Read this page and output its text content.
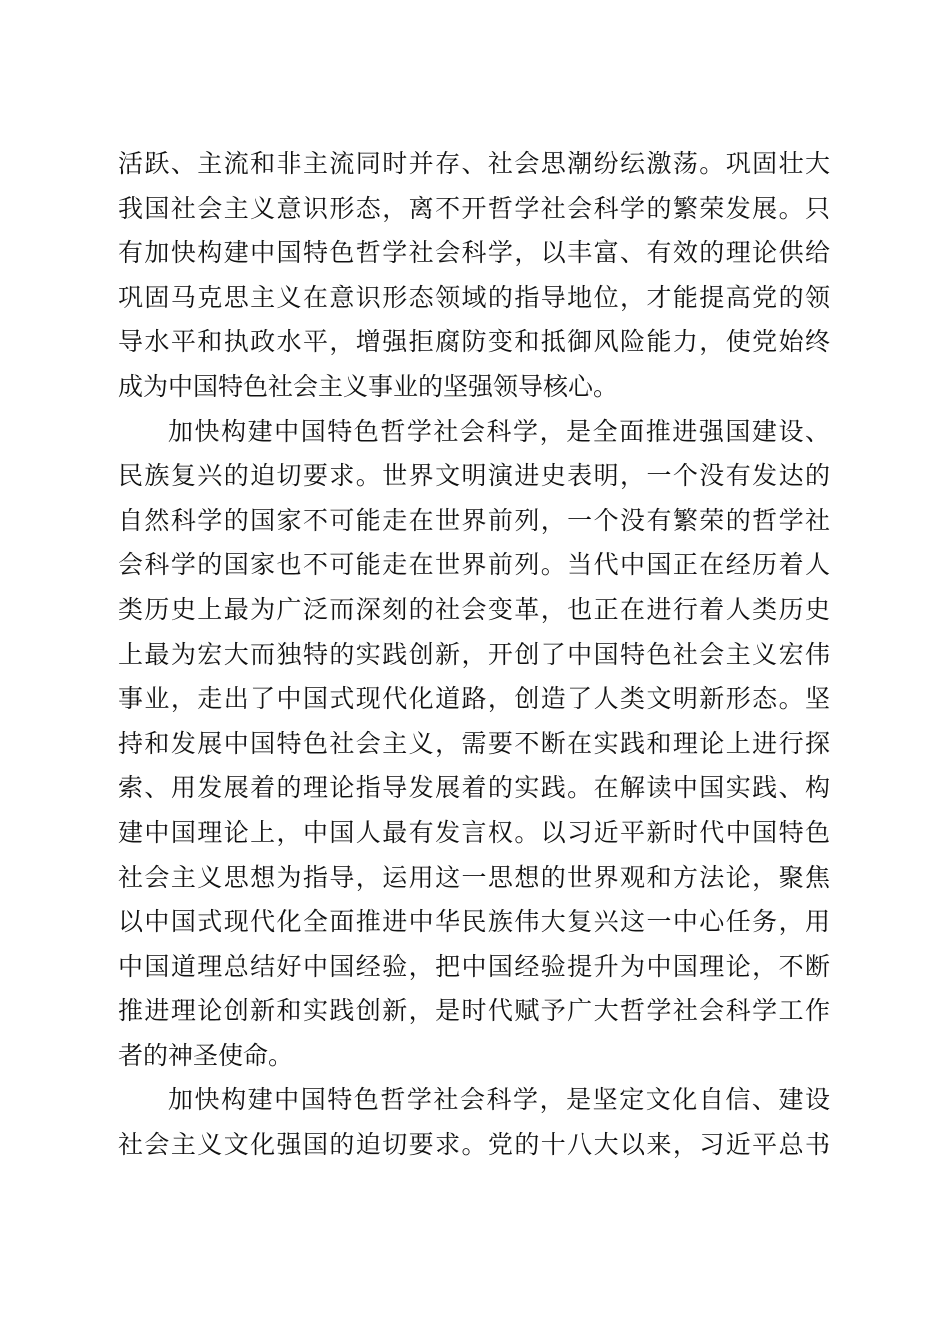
活跃、主流和非主流同时并存、社会思潮纷纭激荡。巩固壮大
我国社会主义意识形态，离不开哲学社会科学的繁荣发展。只
有加快构建中国特色哲学社会科学，以丰富、有效的理论供给
巩固马克思主义在意识形态领域的指导地位，才能提高党的领
导水平和执政水平，增强拒腐防变和抵御风险能力，使党始终
成为中国特色社会主义事业的坚强领导核心。
加快构建中国特色哲学社会科学，是全面推进强国建设、
民族复兴的迫切要求。世界文明演进史表明，一个没有发达的
自然科学的国家不可能走在世界前列，一个没有繁荣的哲学社
会科学的国家也不可能走在世界前列。当代中国正在经历着人
类历史上最为广泛而深刻的社会变革，也正在进行着人类历史
上最为宏大而独特的实践创新，开创了中国特色社会主义宏伟
事业，走出了中国式现代化道路，创造了人类文明新形态。坚
持和发展中国特色社会主义，需要不断在实践和理论上进行探
索、用发展着的理论指导发展着的实践。在解读中国实践、构
建中国理论上，中国人最有发言权。以习近平新时代中国特色
社会主义思想为指导，运用这一思想的世界观和方法论，聚焦
以中国式现代化全面推进中华民族伟大复兴这一中心任务，用
中国道理总结好中国经验，把中国经验提升为中国理论，不断
推进理论创新和实践创新，是时代赋予广大哲学社会科学工作
者的神圣使命。
加快构建中国特色哲学社会科学，是坚定文化自信、建设
社会主义文化强国的迫切要求。党的十八大以来，习近平总书
